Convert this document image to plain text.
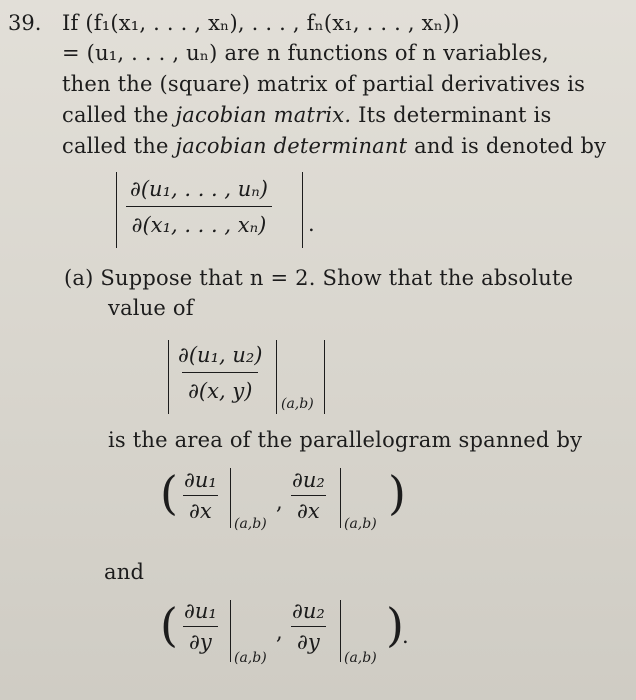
39. If (f₁(x₁, . . . , xₙ), . . . , fₙ(x₁, . . . , xₙ))
= (u₁, . . . , uₙ) are n functions of n variables,
then the (square) matrix of partial derivatives is
called the jacobian matrix. Its determinant is
called the jacobian determinant and is denoted by
$\frac{\text{∂(u₁, . . . , uₙ)}}{\text{∂(x₁, . . . , xₙ)}}$ .
(a) Suppose that n = 2. Show that the absolute
value of
$\frac{\text{∂(u₁, u₂)}}{\partial(x, y)} (a,b)$
is the area of the parallelogram spanned by
( $\frac{\text{∂u₁}}{\partial x} (a,b)$
, $\frac{\text{∂u₂}}{\partial x} (a,b)$
)
and
( $\frac{\text{∂u₁}}{\partial y}$
(a,b)
, $\frac{\text{∂u₂}}{\partial y}$
(a,b)
)
.
